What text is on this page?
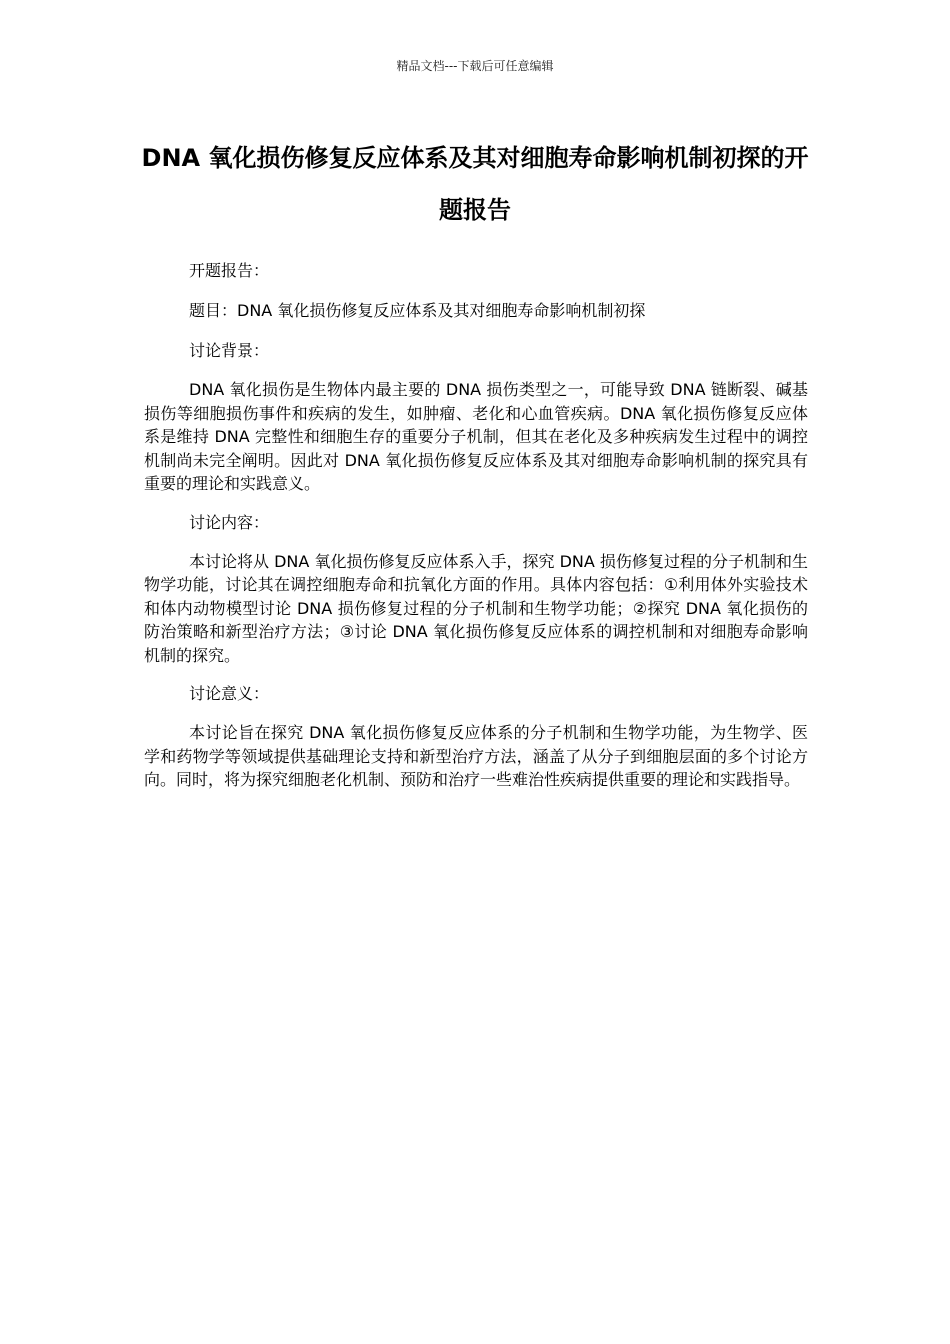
精品文档---下载后可任意编辑
DNA 氧化损伤修复反应体系及其对细胞寿命影响机制初探的开题报告

开题报告：

题目：DNA 氧化损伤修复反应体系及其对细胞寿命影响机制初探

讨论背景：

DNA 氧化损伤是生物体内最主要的 DNA 损伤类型之一，可能导致 DNA 链断裂、碱基损伤等细胞损伤事件和疾病的发生，如肿瘤、老化和心血管疾病。DNA 氧化损伤修复反应体系是维持 DNA 完整性和细胞生存的重要分子机制，但其在老化及多种疾病发生过程中的调控机制尚未完全阐明。因此对 DNA 氧化损伤修复反应体系及其对细胞寿命影响机制的探究具有重要的理论和实践意义。

讨论内容：

本讨论将从 DNA 氧化损伤修复反应体系入手，探究 DNA 损伤修复过程的分子机制和生物学功能，讨论其在调控细胞寿命和抗氧化方面的作用。具体内容包括：①利用体外实验技术和体内动物模型讨论 DNA 损伤修复过程的分子机制和生物学功能；②探究 DNA 氧化损伤的防治策略和新型治疗方法；③讨论 DNA 氧化损伤修复反应体系的调控机制和对细胞寿命影响机制的探究。

讨论意义：

本讨论旨在探究 DNA 氧化损伤修复反应体系的分子机制和生物学功能，为生物学、医学和药物学等领域提供基础理论支持和新型治疗方法，涵盖了从分子到细胞层面的多个讨论方向。同时，将为探究细胞老化机制、预防和治疗一些难治性疾病提供重要的理论和实践指导。
